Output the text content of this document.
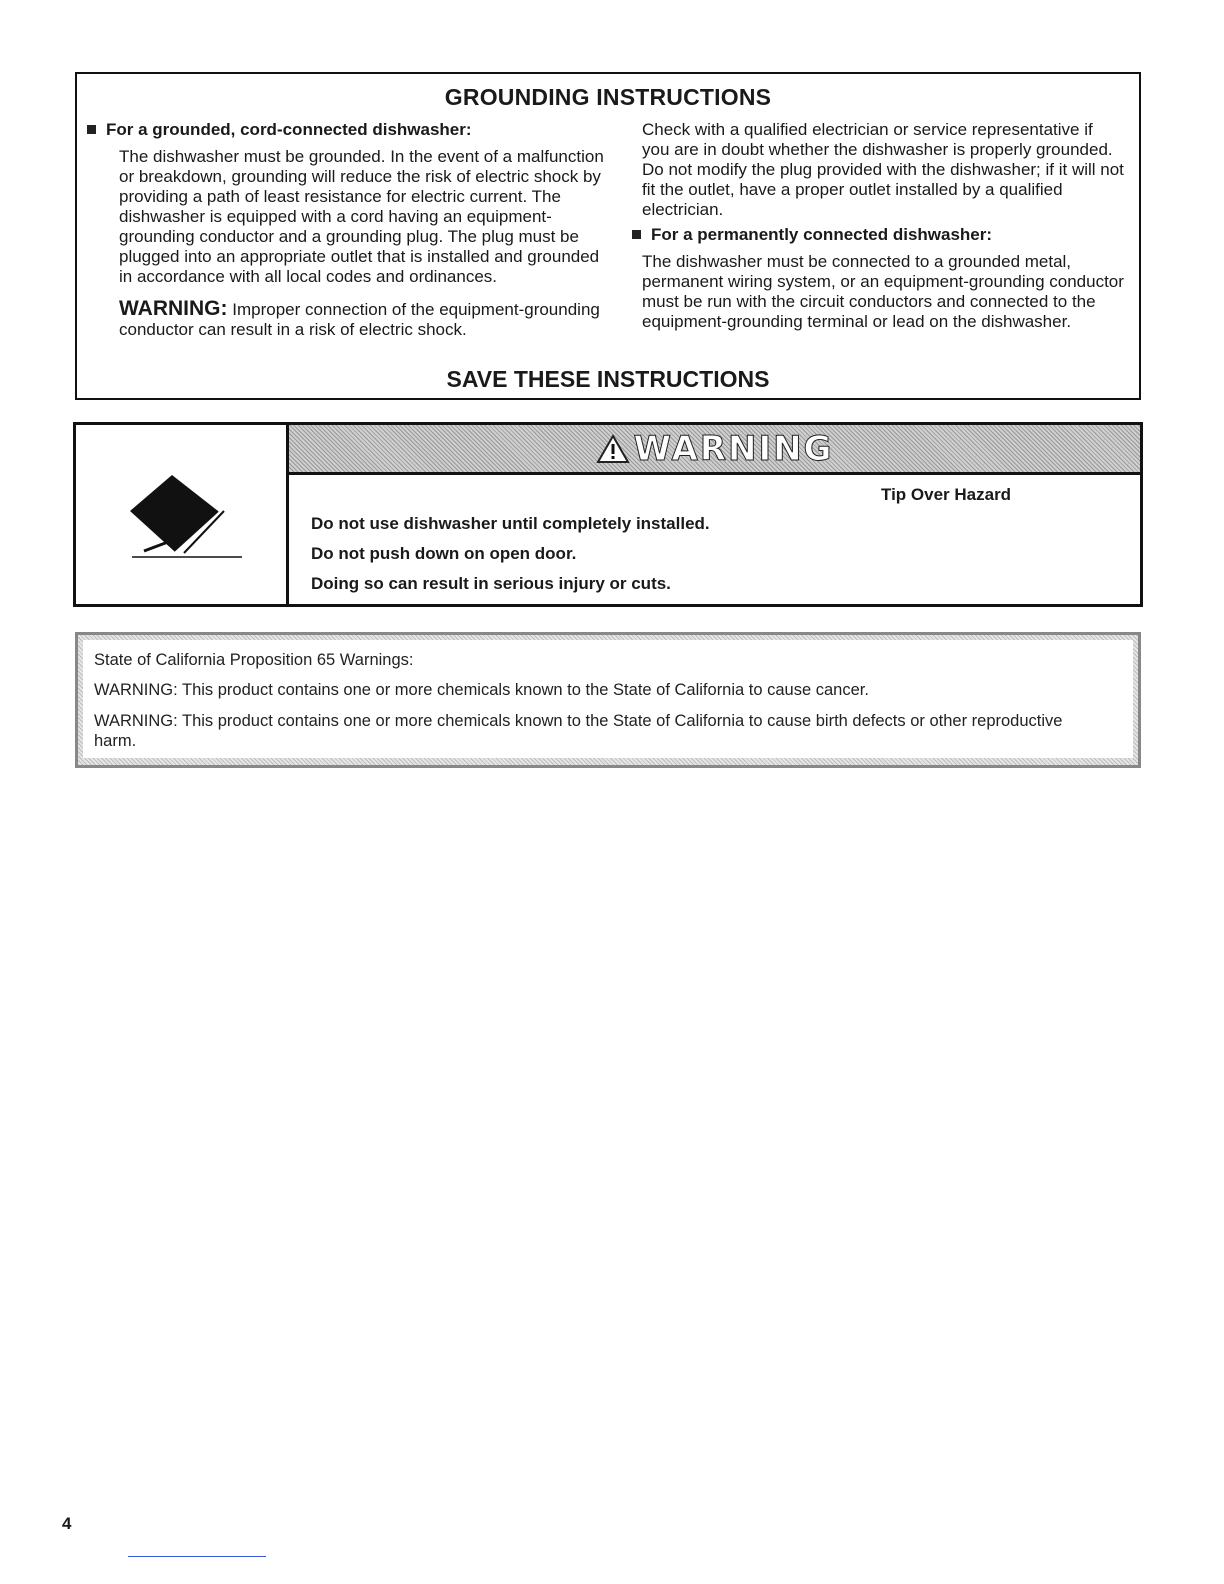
GROUNDING INSTRUCTIONS
For a grounded, cord-connected dishwasher:

The dishwasher must be grounded. In the event of a malfunction or breakdown, grounding will reduce the risk of electric shock by providing a path of least resistance for electric current. The dishwasher is equipped with a cord having an equipment-grounding conductor and a grounding plug. The plug must be plugged into an appropriate outlet that is installed and grounded in accordance with all local codes and ordinances.

WARNING: Improper connection of the equipment-grounding conductor can result in a risk of electric shock.

Check with a qualified electrician or service representative if you are in doubt whether the dishwasher is properly grounded. Do not modify the plug provided with the dishwasher; if it will not fit the outlet, have a proper outlet installed by a qualified electrician.

For a permanently connected dishwasher:

The dishwasher must be connected to a grounded metal, permanent wiring system, or an equipment-grounding conductor must be run with the circuit conductors and connected to the equipment-grounding terminal or lead on the dishwasher.

SAVE THESE INSTRUCTIONS
WARNING
Tip Over Hazard
Do not use dishwasher until completely installed.
Do not push down on open door.
Doing so can result in serious injury or cuts.
State of California Proposition 65 Warnings:
WARNING: This product contains one or more chemicals known to the State of California to cause cancer.
WARNING: This product contains one or more chemicals known to the State of California to cause birth defects or other reproductive harm.
4
